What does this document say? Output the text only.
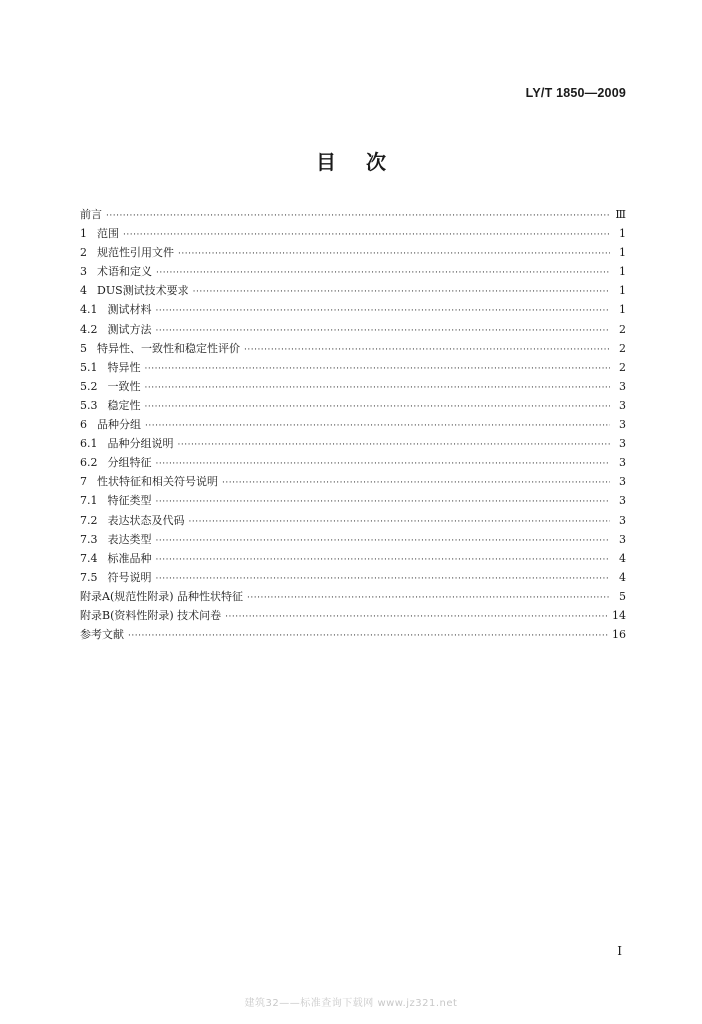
LY/T 1850—2009
目次
前言 ·····	Ⅲ
1 范围 ·····	1
2 规范性引用文件 ·····	1
3 术语和定义 ·····	1
4 DUS测试技术要求 ·····	1
4.1 测试材料 ·····	1
4.2 测试方法 ·····	2
5 特异性、一致性和稳定性评价 ·····	2
5.1 特异性 ·····	2
5.2 一致性 ·····	3
5.3 稳定性 ·····	3
6 品种分组 ·····	3
6.1 品种分组说明 ·····	3
6.2 分组特征 ·····	3
7 性状特征和相关符号说明 ·····	3
7.1 特征类型 ·····	3
7.2 表达状态及代码 ·····	3
7.3 表达类型 ·····	3
7.4 标准品种 ·····	4
7.5 符号说明 ·····	4
附录A(规范性附录) 品种性状特征 ·····	5
附录B(资料性附录) 技术问卷 ·····	14
参考文献 ·····	16
I
建筑32——标准查询下载网 www.jz321.net
